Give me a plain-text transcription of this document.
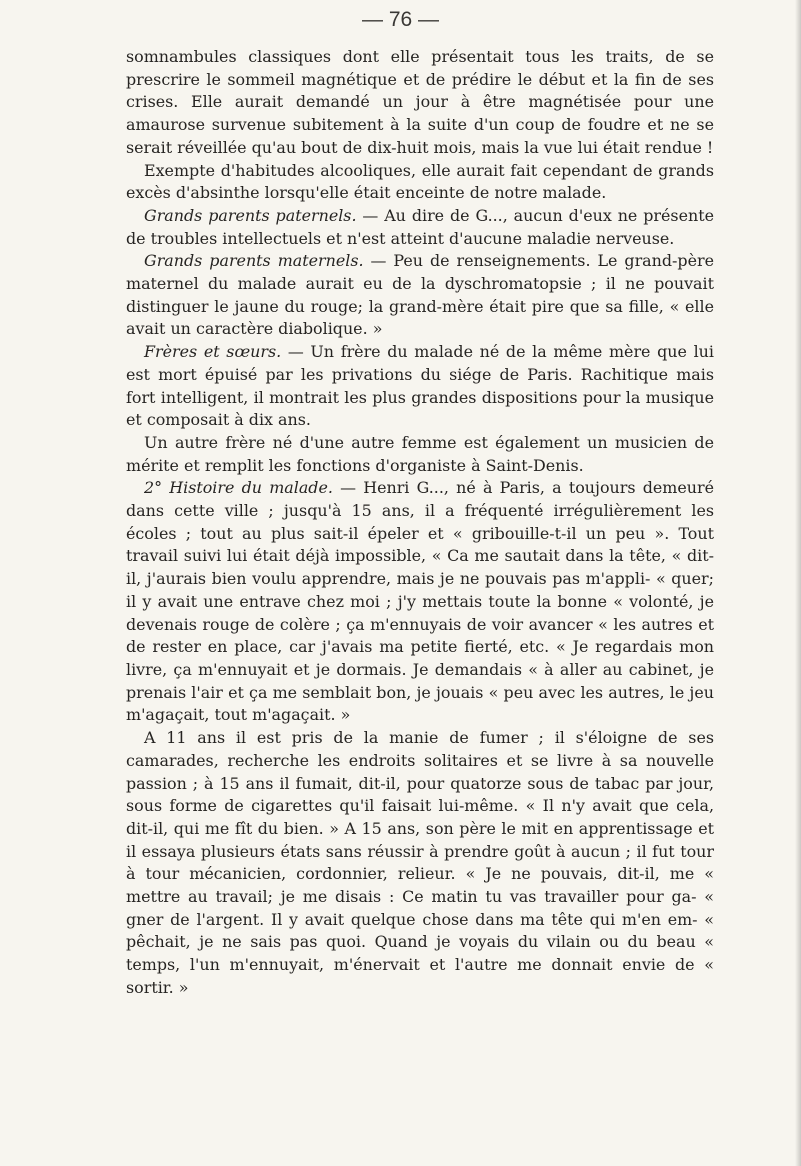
— 76 —

somnambules classiques dont elle présentait tous les traits, de se prescrire le sommeil magnétique et de prédire le début et la fin de ses crises. Elle aurait demandé un jour à être magnétisée pour une amaurose survenue subitement à la suite d'un coup de foudre et ne se serait réveillée qu'au bout de dix-huit mois, mais la vue lui était rendue !

Exempte d'habitudes alcooliques, elle aurait fait cependant de grands excès d'absinthe lorsqu'elle était enceinte de notre malade.

Grands parents paternels. — Au dire de G..., aucun d'eux ne présente de troubles intellectuels et n'est atteint d'aucune maladie nerveuse.

Grands parents maternels. — Peu de renseignements. Le grand-père maternel du malade aurait eu de la dyschromatopsie ; il ne pouvait distinguer le jaune du rouge; la grand-mère était pire que sa fille, « elle avait un caractère diabolique. »

Frères et sœurs. — Un frère du malade né de la même mère que lui est mort épuisé par les privations du siége de Paris. Rachitique mais fort intelligent, il montrait les plus grandes dispositions pour la musique et composait à dix ans.

Un autre frère né d'une autre femme est également un musicien de mérite et remplit les fonctions d'organiste à Saint-Denis.

2° Histoire du malade. — Henri G..., né à Paris, a toujours demeuré dans cette ville ; jusqu'à 15 ans, il a fréquenté irrégulièrement les écoles ; tout au plus sait-il épeler et « gribouille-t-il un peu ». Tout travail suivi lui était déjà impossible, « Ca me sautait dans la tête, « dit-il, j'aurais bien voulu apprendre, mais je ne pouvais pas m'appli- « quer; il y avait une entrave chez moi ; j'y mettais toute la bonne « volonté, je devenais rouge de colère ; ça m'ennuyais de voir avancer « les autres et de rester en place, car j'avais ma petite fierté, etc. « Je regardais mon livre, ça m'ennuyait et je dormais. Je demandais « à aller au cabinet, je prenais l'air et ça me semblait bon, je jouais « peu avec les autres, le jeu m'agaçait, tout m'agaçait. »

A 11 ans il est pris de la manie de fumer ; il s'éloigne de ses camarades, recherche les endroits solitaires et se livre à sa nouvelle passion ; à 15 ans il fumait, dit-il, pour quatorze sous de tabac par jour, sous forme de cigarettes qu'il faisait lui-même. « Il n'y avait que cela, dit-il, qui me fît du bien. » A 15 ans, son père le mit en apprentissage et il essaya plusieurs états sans réussir à prendre goût à aucun ; il fut tour à tour mécanicien, cordonnier, relieur. « Je ne pouvais, dit-il, me « mettre au travail; je me disais : Ce matin tu vas travailler pour ga- « gner de l'argent. Il y avait quelque chose dans ma tête qui m'en em- « pêchait, je ne sais pas quoi. Quand je voyais du vilain ou du beau « temps, l'un m'ennuyait, m'énervait et l'autre me donnait envie de « sortir. »
